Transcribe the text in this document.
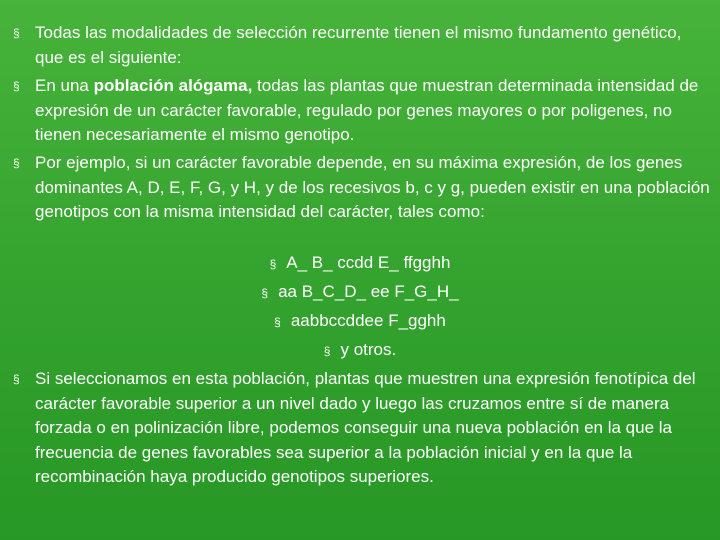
§ Todas las modalidades de selección recurrente tienen el mismo fundamento genético, que es el siguiente:
§ En una población alógama, todas las plantas que muestran determinada intensidad de expresión de un carácter favorable, regulado por genes mayores o por poligenes, no tienen necesariamente el mismo genotipo.
§ Por ejemplo, si un carácter favorable depende, en su máxima expresión, de los genes dominantes A, D, E, F, G, y H, y de los recesivos b, c y g, pueden existir en una población genotipos con la misma intensidad del carácter, tales como:
§ A_ B_ ccdd E_ ffgghh
§ aa B_C_D_ ee F_G_H_
§ aabbccddee F_gghh
§ y otros.
§ Si seleccionamos en esta población, plantas que muestren una expresión fenotípica del carácter favorable superior a un nivel dado y luego las cruzamos entre sí de manera forzada o en polinización libre, podemos conseguir una nueva población en la que la frecuencia de genes favorables sea superior a la población inicial y en la que la recombinación haya producido genotipos superiores.
